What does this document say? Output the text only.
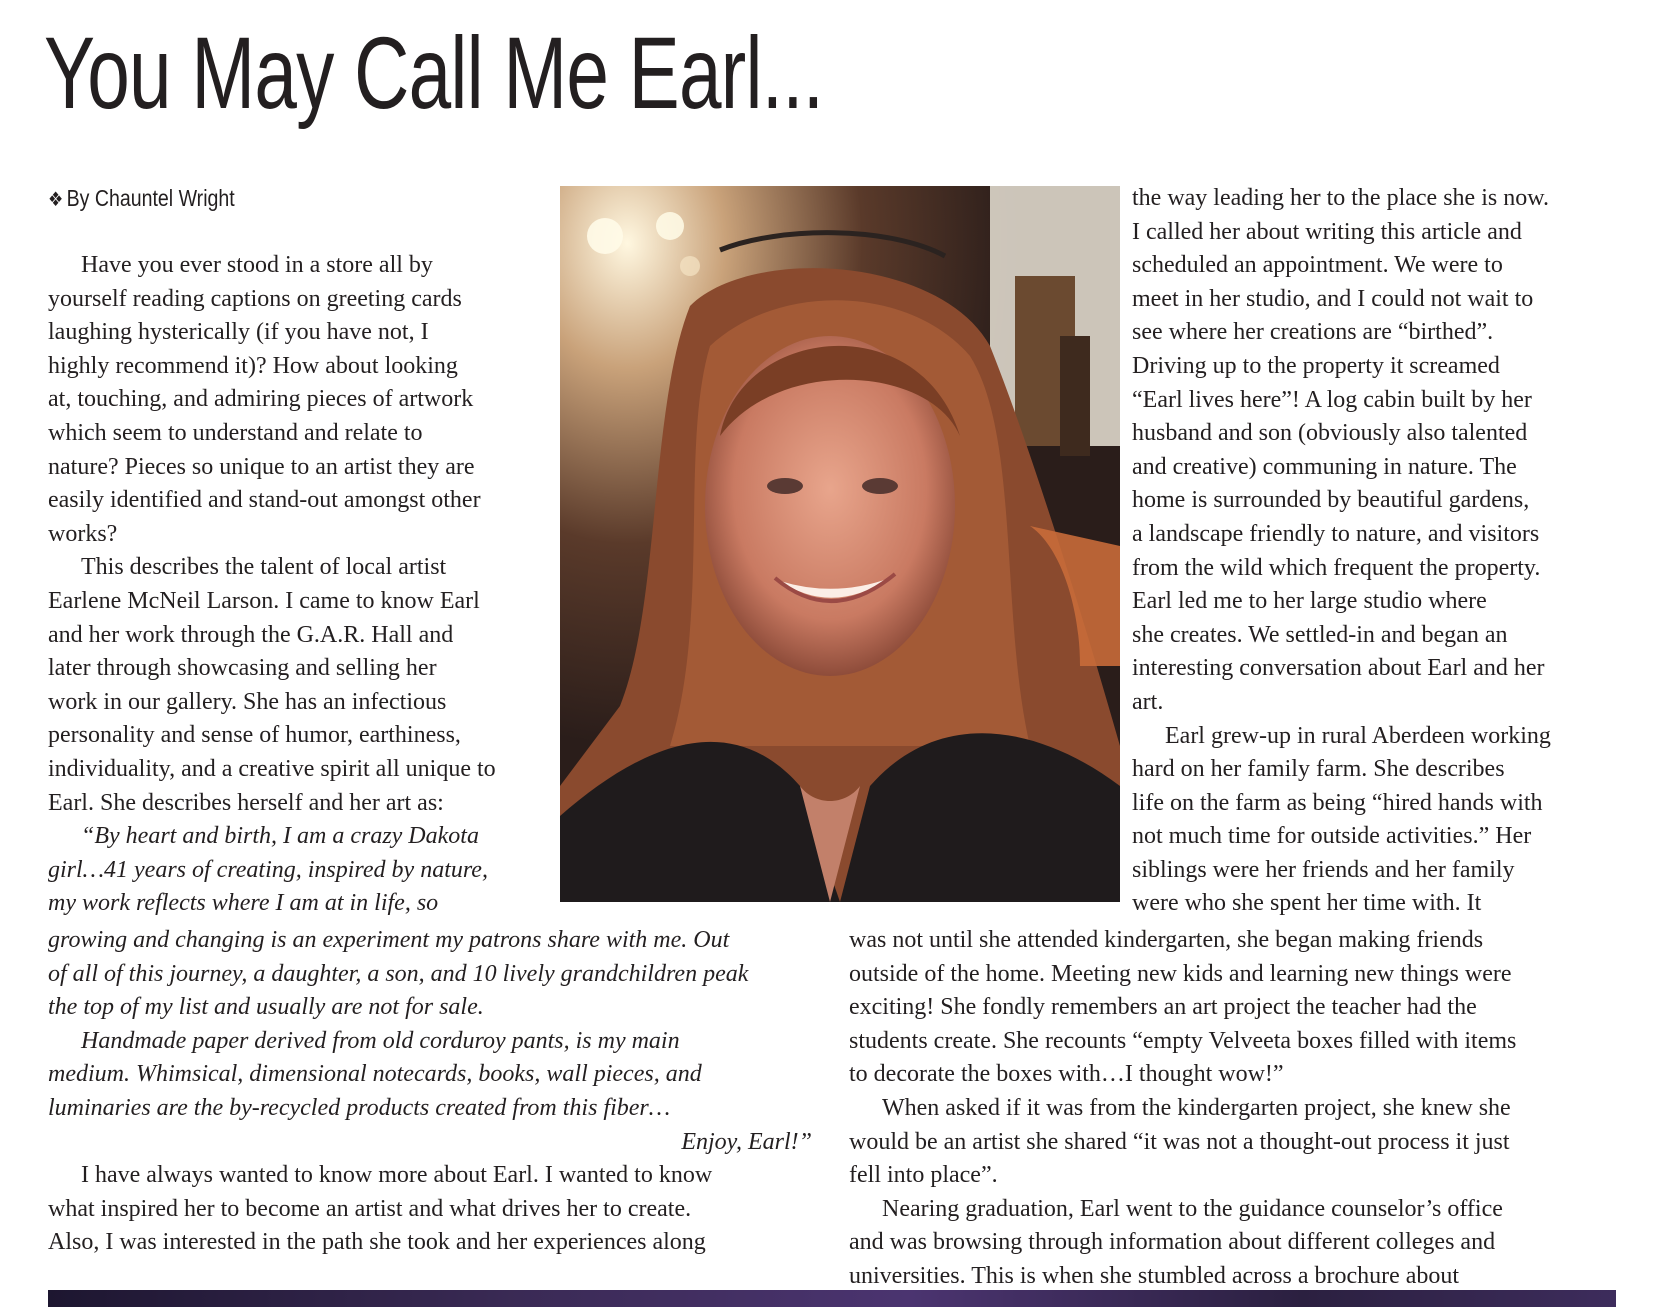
You May Call Me Earl...
❖ By Chauntel Wright
Have you ever stood in a store all by
yourself reading captions on greeting cards
laughing hysterically (if you have not, I
highly recommend it)? How about looking
at, touching, and admiring pieces of artwork
which seem to understand and relate to
nature? Pieces so unique to an artist they are
easily identified and stand-out amongst other
works?
This describes the talent of local artist
Earlene McNeil Larson. I came to know Earl
and her work through the G.A.R. Hall and
later through showcasing and selling her
work in our gallery. She has an infectious
personality and sense of humor, earthiness,
individuality, and a creative spirit all unique to
Earl. She describes herself and her art as:
“By heart and birth, I am a crazy Dakota
girl…41 years of creating, inspired by nature,
my work reflects where I am at in life, so
the way leading her to the place she is now.
I called her about writing this article and
scheduled an appointment. We were to
meet in her studio, and I could not wait to
see where her creations are “birthed”.
Driving up to the property it screamed
“Earl lives here”! A log cabin built by her
husband and son (obviously also talented
and creative) communing in nature. The
home is surrounded by beautiful gardens,
a landscape friendly to nature, and visitors
from the wild which frequent the property.
Earl led me to her large studio where
she creates. We settled-in and began an
interesting conversation about Earl and her
art.
Earl grew-up in rural Aberdeen working
hard on her family farm. She describes
life on the farm as being “hired hands with
not much time for outside activities.” Her
siblings were her friends and her family
were who she spent her time with. It
growing and changing is an experiment my patrons share with me. Out
of all of this journey, a daughter, a son, and 10 lively grandchildren peak
the top of my list and usually are not for sale.
Handmade paper derived from old corduroy pants, is my main
medium. Whimsical, dimensional notecards, books, wall pieces, and
luminaries are the by-recycled products created from this fiber…
Enjoy, Earl!”
I have always wanted to know more about Earl. I wanted to know
what inspired her to become an artist and what drives her to create.
Also, I was interested in the path she took and her experiences along
was not until she attended kindergarten, she began making friends
outside of the home. Meeting new kids and learning new things were
exciting! She fondly remembers an art project the teacher had the
students create. She recounts “empty Velveeta boxes filled with items
to decorate the boxes with…I thought wow!”
When asked if it was from the kindergarten project, she knew she
would be an artist she shared “it was not a thought-out process it just
fell into place”.
Nearing graduation, Earl went to the guidance counselor’s office
and was browsing through information about different colleges and
universities. This is when she stumbled across a brochure about
